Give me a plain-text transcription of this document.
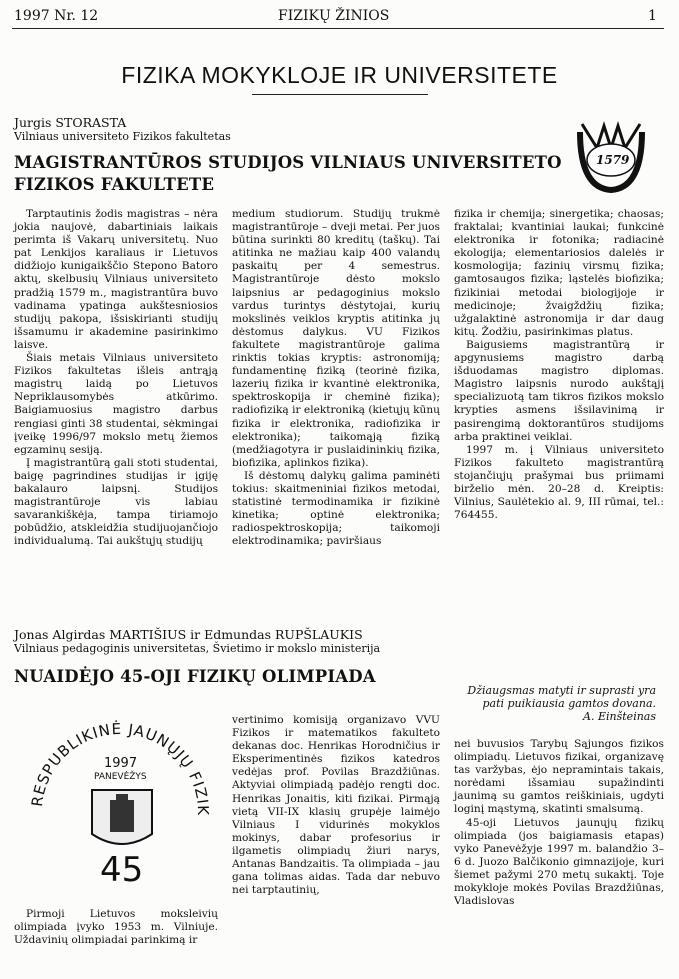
1997 Nr. 12	FIZIKŲ ŽINIOS	1
FIZIKA MOKYKLOJE IR UNIVERSITETE
Jurgis STORASTA
Vilniaus universiteto Fizikos fakultetas
1579
MAGISTRANTŪROS STUDIJOS VILNIAUS UNIVERSITETO
FIZIKOS FAKULTETE

Tarptautinis žodis magistras – nėra jokia naujovė, dabartiniais laikais perimta iš Vakarų universitetų. Nuo pat Lenkijos karaliaus ir Lietuvos didžiojo kunigaikščio Stepono Batoro aktų, skelbusių Vilniaus universiteto pradžią 1579 m., magistrantūra buvo vadinama ypatinga aukštesniosios studijų pakopa, išsiskirianti studijų išsamumu ir akademine pasirinkimo laisve.

Šiais metais Vilniaus universiteto Fizikos fakultetas išleis antrąją magistrų laidą po Lietuvos Nepriklausomybės atkūrimo. Baigiamuosius magistro darbus rengiasi ginti 38 studentai, sėkmingai įveikę 1996/97 mokslo metų žiemos egzaminų sesiją.

Į magistrantūrą gali stoti studentai, baigę pagrindines studijas ir įgiję bakalauro laipsnį. Studijos magistrantūroje vis labiau savarankiškėja, tampa tiriamojo pobūdžio, atskleidžia studijuojančiojo individualumą. Tai aukštųjų studijų

medium studiorum. Studijų trukmė magistrantūroje – dveji metai. Per juos būtina surinkti 80 kreditų (taškų). Tai atitinka ne mažiau kaip 400 valandų paskaitų per 4 semestrus. Magistrantūroje dėsto mokslo laipsnius ar pedagoginius mokslo vardus turintys dėstytojai, kurių mokslinės veiklos kryptis atitinka jų dėstomus dalykus. VU Fizikos fakultete magistrantūroje galima rinktis tokias kryptis: astronomiją; fundamentinę fiziką (teorinė fizika, lazerių fizika ir kvantinė elektronika, spektroskopija ir cheminė fizika); radiofiziką ir elektroniką (kietųjų kūnų fizika ir elektronika, radiofizika ir elektronika); taikomąją fiziką (medžiagotyra ir puslaidininkių fizika, biofizika, aplinkos fizika).

Iš dėstomų dalykų galima paminėti tokius: skaitmeniniai fizikos metodai, statistinė termodinamika ir fizikinė kinetika; optinė elektronika; radiospektroskopija; taikomoji elektrodinamika; paviršiaus

fizika ir chemija; sinergetika; chaosas; fraktalai; kvantiniai laukai; funkcinė elektronika ir fotonika; radiacinė ekologija; elementariosios dalelės ir kosmologija; fazinių virsmų fizika; gamtosaugos fizika; ląstelės biofizika; fizikiniai metodai biologijoje ir medicinoje; žvaigždžių fizika; užgalaktinė astronomija ir dar daug kitų. Žodžiu, pasirinkimas platus.

Baigusiems magistrantūrą ir apgynusiems magistro darbą išduodamas magistro diplomas. Magistro laipsnis nurodo aukštąjį specializuotą tam tikros fizikos mokslo krypties asmens išsilavinimą ir pasirengimą doktorantūros studijoms arba praktinei veiklai.

1997 m. į Vilniaus universiteto Fizikos fakulteto magistrantūrą stojančiųjų prašymai bus priimami birželio mėn. 20–28 d. Kreiptis: Vilnius, Saulėtekio al. 9, III rūmai, tel.: 764455.

Jonas Algirdas MARTIŠIUS ir Edmundas RUPŠLAUKIS
Vilniaus pedagoginis universitetas, Švietimo ir mokslo ministerija
NUAIDĖJO 45-OJI FIZIKŲ OLIMPIADA
Džiaugsmas matyti ir suprasti yra
pati puikiausia gamtos dovana.
A. Einšteinas
RESPUBLIKINĖ JAUNŲJŲ FIZIK
1997
PANEVĖŽYS
45

Pirmoji Lietuvos moksleivių olimpiada įvyko 1953 m. Vilniuje. Uždavinių olimpiadai parinkimą ir

vertinimo komisiją organizavo VVU Fizikos ir matematikos fakulteto dekanas doc. Henrikas Horodničius ir Eksperimentinės fizikos katedros vedėjas prof. Povilas Brazdžiūnas. Aktyviai olimpiadą padėjo rengti doc. Henrikas Jonaitis, kiti fizikai. Pirmąją vietą VII-IX klasių grupėje laimėjo Vilniaus I vidurinės mokyklos mokinys, dabar profesorius ir ilgametis olimpiadų žiuri narys, Antanas Bandzaitis. Ta olimpiada – jau gana tolimas aidas. Tada dar nebuvo nei tarptautinių,

nei buvusios Tarybų Sąjungos fizikos olimpiadų. Lietuvos fizikai, organizavę tas varžybas, ėjo nepramintais takais, norėdami išsamiau supažindinti jaunimą su gamtos reiškiniais, ugdyti loginį mąstymą, skatinti smalsumą.

45-oji Lietuvos jaunųjų fizikų olimpiada (jos baigiamasis etapas) vyko Panevėžyje 1997 m. balandžio 3–6 d. Juozo Balčikonio gimnazijoje, kuri šiemet pažymi 270 metų sukaktį. Toje mokykloje mokės Povilas Brazdžiūnas, Vladislovas
